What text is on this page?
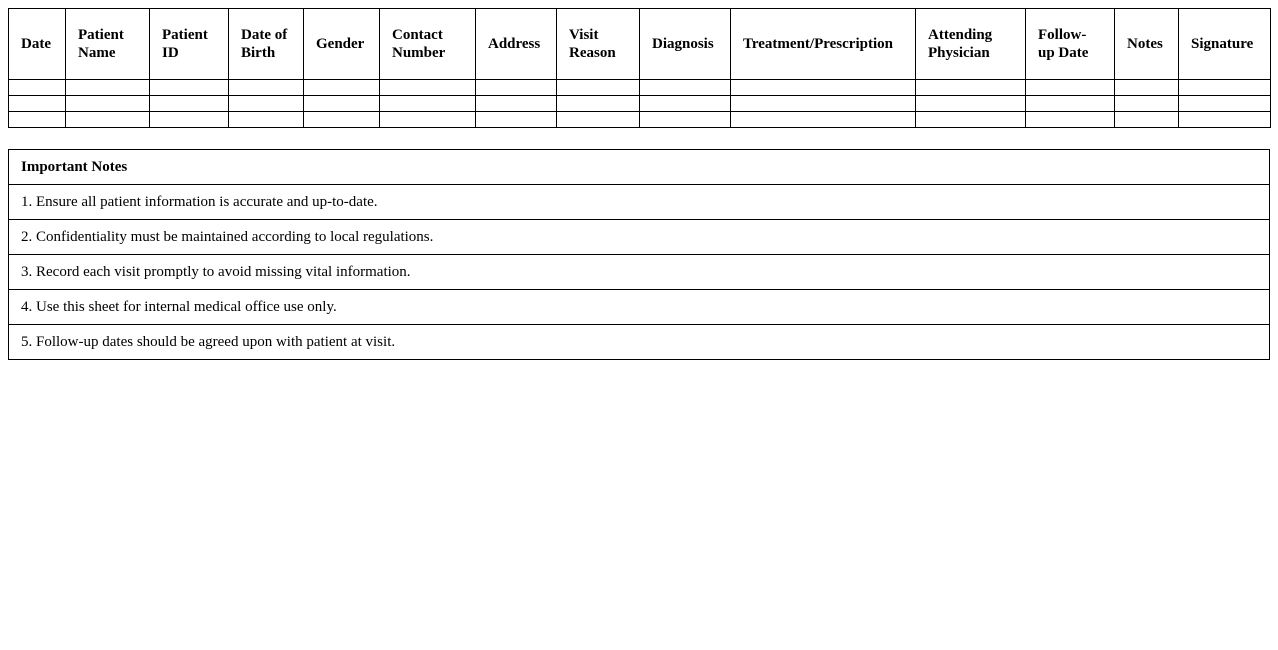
Date	Patient Name	Patient ID	Date of Birth	Gender	Contact Number	Address	Visit Reason	Diagnosis	Treatment/Prescription	Attending Physician	Follow-up Date	Notes	Signature

Important Notes
1. Ensure all patient information is accurate and up-to-date.
2. Confidentiality must be maintained according to local regulations.
3. Record each visit promptly to avoid missing vital information.
4. Use this sheet for internal medical office use only.
5. Follow-up dates should be agreed upon with patient at visit.
